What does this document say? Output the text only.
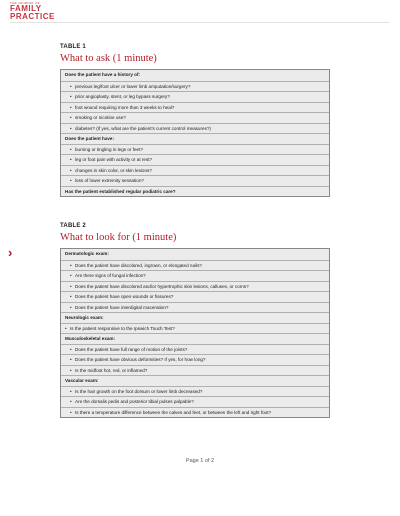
THE JOURNAL OF
FAMILY
PRACTICE
TABLE 1
What to ask (1 minute)
Does the patient have a history of:
• previous leg/foot ulcer or lower limb amputation/surgery?
• prior angioplasty, stent, or leg bypass surgery?
• foot wound requiring more than 3 weeks to heal?
• smoking or nicotine use?
• diabetes? (If yes, what are the patient's current control measures?)
Does the patient have:
• burning or tingling in legs or feet?
• leg or foot pain with activity or at rest?
• changes in skin color, or skin lesions?
• loss of lower extremity sensation?
Has the patient established regular podiatric care?
›
TABLE 2
What to look for (1 minute)
Dermatologic exam:
• Does the patient have discolored, ingrown, or elongated nails?
• Are there signs of fungal infection?
• Does the patient have discolored and/or hypertrophic skin lesions, calluses, or corns?
• Does the patient have open wounds or fissures?
• Does the patient have interdigital maceration?
Neurologic exam:
• Is the patient responsive to the Ipswich Touch Test?
Musculoskeletal exam:
• Does the patient have full range of motion of the joints?
• Does the patient have obvious deformities? If yes, for how long?
• Is the midfoot hot, red, or inflamed?
Vascular exam:
• Is the hair growth on the foot dorsum or lower limb decreased?
• Are the dorsalis pedis and posterior tibial pulses palpable?
• Is there a temperature difference between the calves and feet, or between the left and right foot?
Page 1 of 2
